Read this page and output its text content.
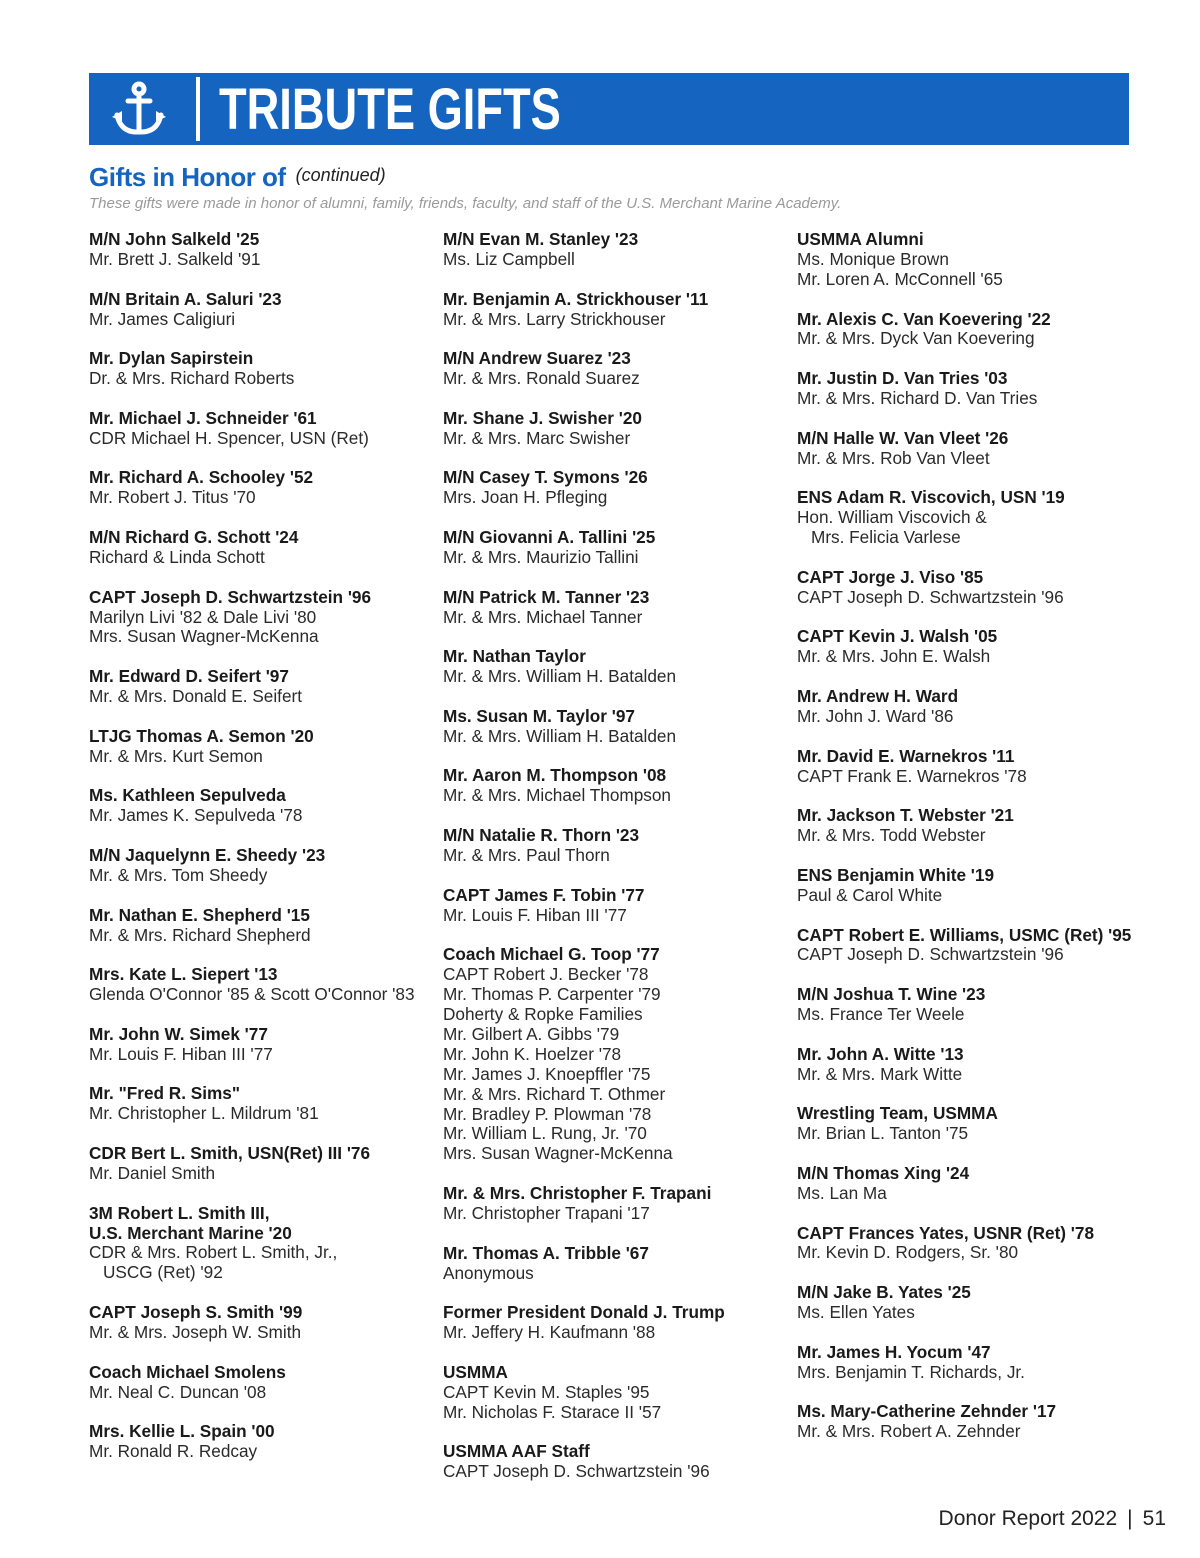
TRIBUTE GIFTS
Gifts in Honor of (continued)
These gifts were made in honor of alumni, family, friends, faculty, and staff of the U.S. Merchant Marine Academy.
M/N John Salkeld '25
Mr. Brett J. Salkeld '91
M/N Britain A. Saluri '23
Mr. James Caligiuri
Mr. Dylan Sapirstein
Dr. & Mrs. Richard Roberts
Mr. Michael J. Schneider '61
CDR Michael H. Spencer, USN (Ret)
Mr. Richard A. Schooley '52
Mr. Robert J. Titus '70
M/N Richard G. Schott '24
Richard & Linda Schott
CAPT Joseph D. Schwartzstein '96
Marilyn Livi '82 & Dale Livi '80
Mrs. Susan Wagner-McKenna
Mr. Edward D. Seifert '97
Mr. & Mrs. Donald E. Seifert
LTJG Thomas A. Semon '20
Mr. & Mrs. Kurt Semon
Ms. Kathleen Sepulveda
Mr. James K. Sepulveda '78
M/N Jaquelynn E. Sheedy '23
Mr. & Mrs. Tom Sheedy
Mr. Nathan E. Shepherd '15
Mr. & Mrs. Richard Shepherd
Mrs. Kate L. Siepert '13
Glenda O'Connor '85 & Scott O'Connor '83
Mr. John W. Simek '77
Mr. Louis F. Hiban III '77
Mr. "Fred R. Sims"
Mr. Christopher L. Mildrum '81
CDR Bert L. Smith, USN(Ret) III '76
Mr. Daniel Smith
3M Robert L. Smith III,
U.S. Merchant Marine '20
CDR & Mrs. Robert L. Smith, Jr.,
USCG (Ret) '92
CAPT Joseph S. Smith '99
Mr. & Mrs. Joseph W. Smith
Coach Michael Smolens
Mr. Neal C. Duncan '08
Mrs. Kellie L. Spain '00
Mr. Ronald R. Redcay
M/N Evan M. Stanley '23
Ms. Liz Campbell
Mr. Benjamin A. Strickhouser '11
Mr. & Mrs. Larry Strickhouser
M/N Andrew Suarez '23
Mr. & Mrs. Ronald Suarez
Mr. Shane J. Swisher '20
Mr. & Mrs. Marc Swisher
M/N Casey T. Symons '26
Mrs. Joan H. Pfleging
M/N Giovanni A. Tallini '25
Mr. & Mrs. Maurizio Tallini
M/N Patrick M. Tanner '23
Mr. & Mrs. Michael Tanner
Mr. Nathan Taylor
Mr. & Mrs. William H. Batalden
Ms. Susan M. Taylor '97
Mr. & Mrs. William H. Batalden
Mr. Aaron M. Thompson '08
Mr. & Mrs. Michael Thompson
M/N Natalie R. Thorn '23
Mr. & Mrs. Paul Thorn
CAPT James F. Tobin '77
Mr. Louis F. Hiban III '77
Coach Michael G. Toop '77
CAPT Robert J. Becker '78
Mr. Thomas P. Carpenter '79
Doherty & Ropke Families
Mr. Gilbert A. Gibbs '79
Mr. John K. Hoelzer '78
Mr. James J. Knoepffler '75
Mr. & Mrs. Richard T. Othmer
Mr. Bradley P. Plowman '78
Mr. William L. Rung, Jr. '70
Mrs. Susan Wagner-McKenna
Mr. & Mrs. Christopher F. Trapani
Mr. Christopher Trapani '17
Mr. Thomas A. Tribble '67
Anonymous
Former President Donald J. Trump
Mr. Jeffery H. Kaufmann '88
USMMA
CAPT Kevin M. Staples '95
Mr. Nicholas F. Starace II '57
USMMA AAF Staff
CAPT Joseph D. Schwartzstein '96
USMMA Alumni
Ms. Monique Brown
Mr. Loren A. McConnell '65
Mr. Alexis C. Van Koevering '22
Mr. & Mrs. Dyck Van Koevering
Mr. Justin D. Van Tries '03
Mr. & Mrs. Richard D. Van Tries
M/N Halle W. Van Vleet '26
Mr. & Mrs. Rob Van Vleet
ENS Adam R. Viscovich, USN '19
Hon. William Viscovich &
Mrs. Felicia Varlese
CAPT Jorge J. Viso '85
CAPT Joseph D. Schwartzstein '96
CAPT Kevin J. Walsh '05
Mr. & Mrs. John E. Walsh
Mr. Andrew H. Ward
Mr. John J. Ward '86
Mr. David E. Warnekros '11
CAPT Frank E. Warnekros '78
Mr. Jackson T. Webster '21
Mr. & Mrs. Todd Webster
ENS Benjamin White '19
Paul & Carol White
CAPT Robert E. Williams, USMC (Ret) '95
CAPT Joseph D. Schwartzstein '96
M/N Joshua T. Wine '23
Ms. France Ter Weele
Mr. John A. Witte '13
Mr. & Mrs. Mark Witte
Wrestling Team, USMMA
Mr. Brian L. Tanton '75
M/N Thomas Xing '24
Ms. Lan Ma
CAPT Frances Yates, USNR (Ret) '78
Mr. Kevin D. Rodgers, Sr. '80
M/N Jake B. Yates '25
Ms. Ellen Yates
Mr. James H. Yocum '47
Mrs. Benjamin T. Richards, Jr.
Ms. Mary-Catherine Zehnder '17
Mr. & Mrs. Robert A. Zehnder
Donor Report 2022 | 51
